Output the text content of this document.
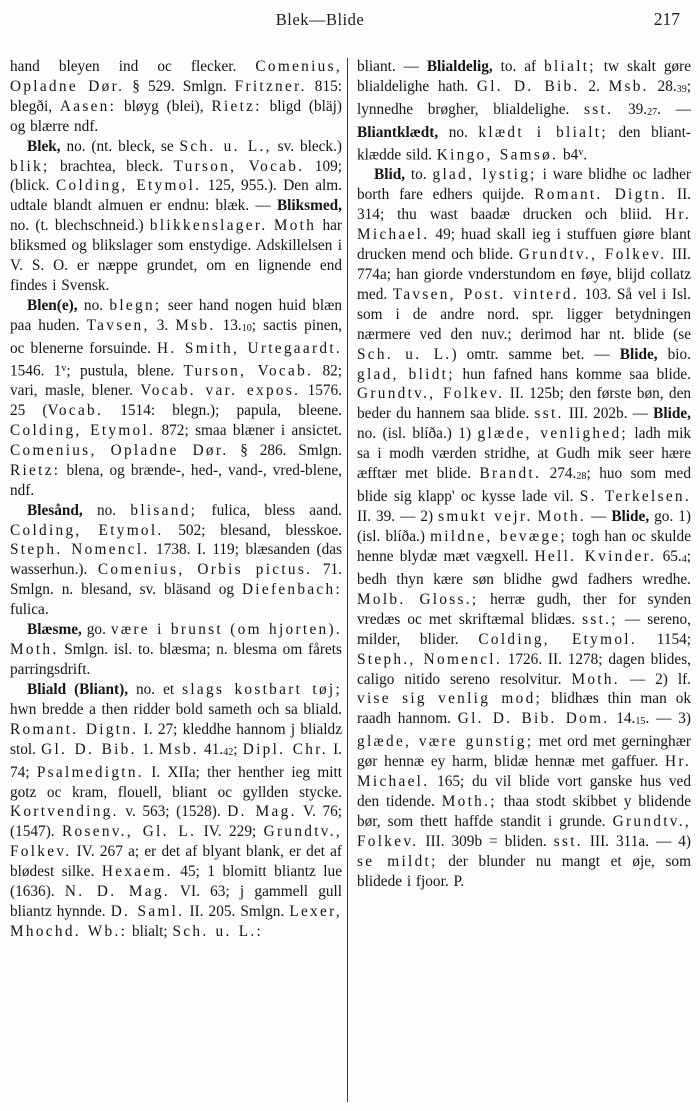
Blek—Blide	217

hand bleyen ind oc flecker. Comenius, Opladne Dør. § 529. Smlgn. Fritzner. 815: blegði, Aasen: bløyg (blei), Rietz: bligd (bläj) og blærre ndf.

Blek, no. (nt. bleck, se Sch. u. L., sv. bleck.) blik; brachtea, bleck. Turson, Vocab. 109; (blick. Colding, Etymol. 125, 955.). Den alm. udtale blandt almuen er endnu: blæk. — Bliksmed, no. (t. blechschneid.) blikkenslager. Moth har bliksmed og blikslager som enstydige. Adskillelsen i V. S. O. er næppe grundet, om en lignende end findes i Svensk.

Blen(e), no. blegn; seer hand nogen huid blæn paa huden. Tavsen, 3. Msb. 13.10; sactis pinen, oc blenerne forsuinde. H. Smith, Urtegaardt. 1546. 1$^v$; pustula, blene. Turson, Vocab. 82; vari, masle, blener. Vocab. var. expos. 1576. 25 (Vocab. 1514: blegn.); papula, bleene. Colding, Etymol. 872; smaa blæner i ansictet. Comenius, Opladne Dør. § 286. Smlgn. Rietz: blena, og brænde-, hed-, vand-, vred-blene, ndf.

Blesånd, no. blisand; fulica, bless aand. Colding, Etymol. 502; blesand, blesskoe. Steph. Nomencl. 1738. I. 119; blæsanden (das wasserhun.). Comenius, Orbis pictus. 71. Smlgn. n. blesand, sv. bläsand og Diefenbach: fulica.

Blæsme, go. være i brunst (om hjorten). Moth. Smlgn. isl. to. blæsma; n. blesma om fårets parringsdrift.

Bliald (Bliant), no. et slags kostbart tøj; hwn bredde a then ridder bold sameth och sa bliald. Romant. Digtn. I. 27; kleddhe hannom j blialdz stol. Gl. D. Bib. 1. Msb. 41.42; Dipl. Chr. I. 74; Psalmedigtn. I. XIIa; ther henther ieg mitt gotz oc kram, flouell, bliant oc gyllden stycke. Kortvending. v. 563; (1528). D. Mag. V. 76; (1547). Rosenv., Gl. L. IV. 229; Grundtv., Folkev. IV. 267 a; er det af blyant blank, er det af blødest silke. Hexaem. 45; 1 blomitt bliantz lue (1636). N. D. Mag. VI. 63; j gammell gull bliantz hynnde. D. Saml. II. 205. Smlgn. Lexer, Mhochd. Wb.: blialt; Sch. u. L.:

bliant. — Blialdelig, to. af blialt; tw skalt gøre blialdelighe hath. Gl. D. Bib. 2. Msb. 28.39; lynnedhe brøgher, blialdelighe. sst. 39.27. — Bliantklædt, no. klædt i blialt; den bliant-klædde sild. Kingo, Samsø. b4$^v$.

Blid, to. glad, lystig; i ware blidhe oc ladher borth fare edhers quijde. Romant. Digtn. II. 314; thu wast baadæ drucken och bliid. Hr. Michael. 49; huad skall ieg i stuffuen giøre blant drucken mend och blide. Grundtv., Folkev. III. 774a; han giorde vnderstundom en føye, blijd collatz med. Tavsen, Post. vinterd. 103. Så vel i Isl. som i de andre nord. spr. ligger betydningen nærmere ved den nuv.; derimod har nt. blide (se Sch. u. L.) omtr. samme bet. — Blide, bio. glad, blidt; hun fafned hans komme saa blide. Grundtv., Folkev. II. 125b; den første bøn, den beder du hannem saa blide. sst. III. 202b. — Blide, no. (isl. blíða.) 1) glæde, venlighed; ladh mik sa i modh værden stridhe, at Gudh mik seer hære æfftær met blide. Brandt. 274.28; huo som med blide sig klapp' oc kysse lade vil. S. Terkelsen. II. 39. — 2) smukt vejr. Moth. — Blide, go. 1) (isl. blíða.) mildne, bevæge; togh han oc skulde henne blydæ mæt vægxell. Hell. Kvinder. 65.4; bedh thyn kære søn blidhe gwd fadhers wredhe. Molb. Gloss.; herræ gudh, ther for synden vredæs oc met skriftæmal blidæs. sst.; — sereno, milder, blider. Colding, Etymol. 1154; Steph., Nomencl. 1726. II. 1278; dagen blides, caligo nitido sereno resolvitur. Moth. — 2) lf. vise sig venlig mod; blidhæs thin man ok raadh hannom. Gl. D. Bib. Dom. 14.15. — 3) glæde, være gunstig; met ord met gerninghær gør hennæ ey harm, blidæ hennæ met gaffuer. Hr. Michael. 165; du vil blide vort ganske hus ved den tidende. Moth.; thaa stodt skibbet y blidende bør, som thett haffde standit i grunde. Grundtv., Folkev. III. 309b = bliden. sst. III. 311a. — 4) se mildt; der blunder nu mangt et øje, som blidede i fjoor. P.
